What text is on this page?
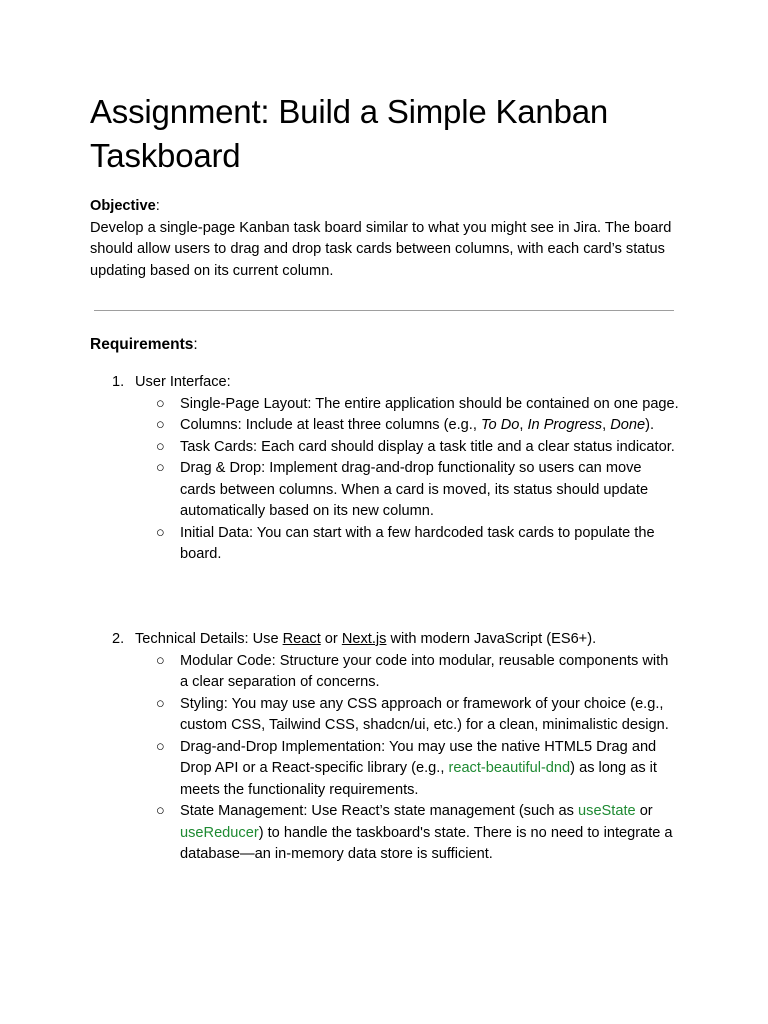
Assignment: Build a Simple Kanban Taskboard
Objective:
Develop a single-page Kanban task board similar to what you might see in Jira. The board should allow users to drag and drop task cards between columns, with each card’s status updating based on its current column.
Requirements:
1. User Interface:
○ Single-Page Layout: The entire application should be contained on one page.
○ Columns: Include at least three columns (e.g., To Do, In Progress, Done).
○ Task Cards: Each card should display a task title and a clear status indicator.
○ Drag & Drop: Implement drag-and-drop functionality so users can move cards between columns. When a card is moved, its status should update automatically based on its new column.
○ Initial Data: You can start with a few hardcoded task cards to populate the board.
2. Technical Details: Use React or Next.js with modern JavaScript (ES6+).
○ Modular Code: Structure your code into modular, reusable components with a clear separation of concerns.
○ Styling: You may use any CSS approach or framework of your choice (e.g., custom CSS, Tailwind CSS, shadcn/ui, etc.) for a clean, minimalistic design.
○ Drag-and-Drop Implementation: You may use the native HTML5 Drag and Drop API or a React-specific library (e.g., react-beautiful-dnd) as long as it meets the functionality requirements.
○ State Management: Use React’s state management (such as useState or useReducer) to handle the taskboard's state. There is no need to integrate a database—an in-memory data store is sufficient.
